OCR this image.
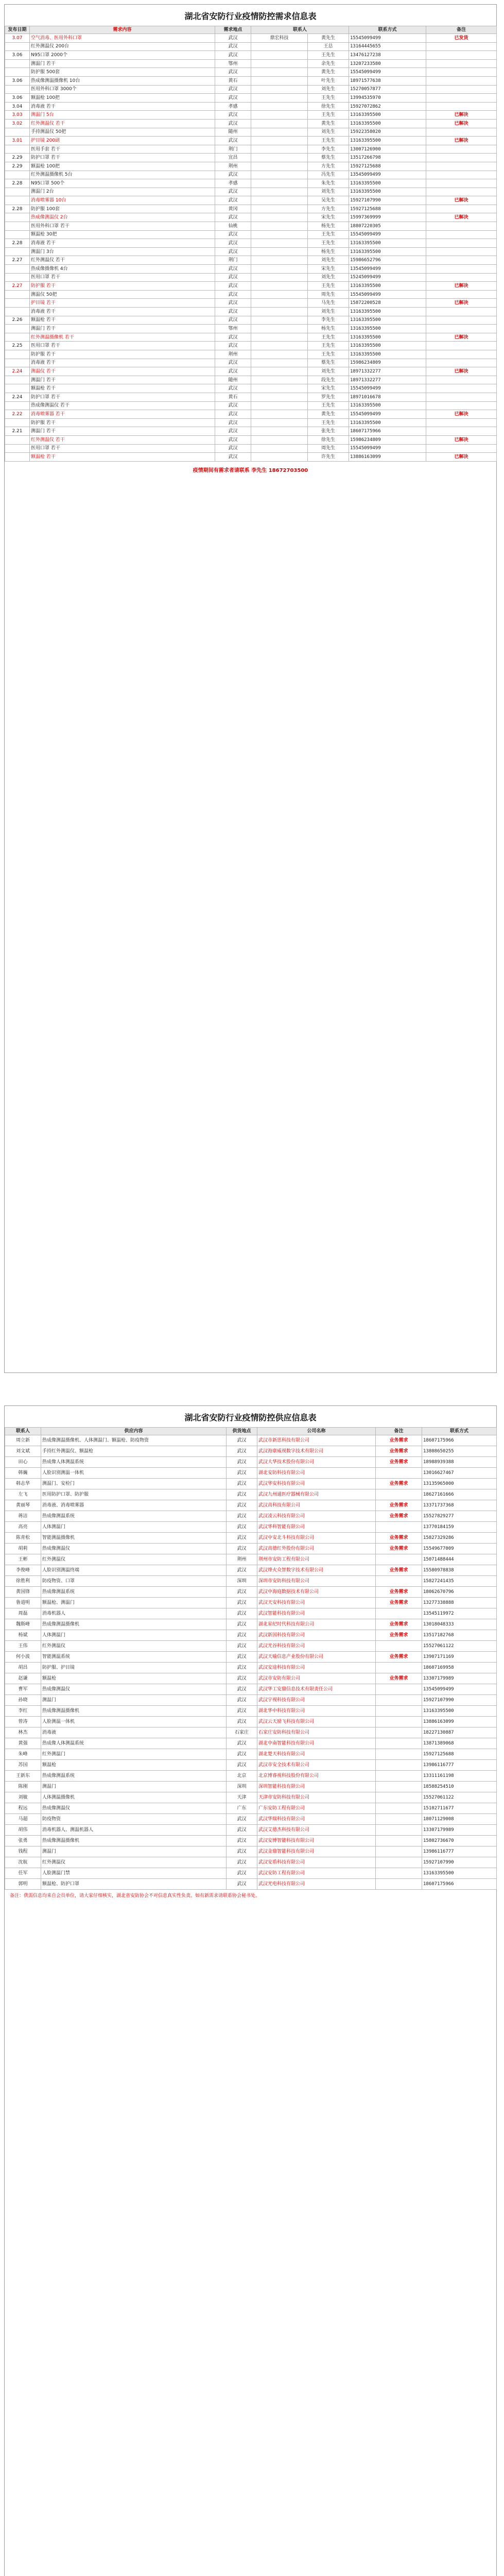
湖北省安防行业疫情防控需求信息表
发布日期	需求内容	需求地点	联系人		联系方式	备注
3.07	空气消毒、医用外科口罩	武汉	鼎宏科技	黄先生	15545099499	已发货
	红外测温仪 200台	武汉		王总	13164445655	
3.06	N95口罩 2000个	武汉		王先生	13476127238	
	测温门 若干	鄂州		余先生	13207233580	
	防护服 500套	武汉		黄先生	15545099499	
3.06	热成像测温摄像机 10台	黄石		叶先生	18971577638	
	医用外科口罩 3000个	武汉		刘先生	15270057877	
3.06	额温枪 100把	武汉		王先生	13994535970	
3.04	消毒液 若干	孝感		徐先生	15927072862	
3.03	测温门 5台	武汉		王先生	13163395500	已解决
3.02	红外测温仪 若干	武汉		黄先生	13163395500	已解决
	手持测温仪 50把	随州		刘先生	15922358020	
3.01	护目镜 200副	武汉		王先生	13163395500	已解决
	医用手套 若干	荆门		李先生	13007126900	
2.29	防护口罩 若干	宜昌		蔡先生	13517266798	
2.29	额温枪 100把	荆州		方先生	15927125688	
	红外测温摄像机 5台	武汉		冯先生	13545099499	
2.28	N95口罩 500个	孝感		朱先生	13163395500	
	测温门 2台	武汉		刘先生	13163395500	
	消毒喷雾器 10台	武汉		吴先生	15927107990	已解决
2.28	防护服 100套	黄冈		方先生	15927125688	
	热成像测温仪 2台	武汉		宋先生	15997369999	已解决
	医用外科口罩 若干	仙桃		杨先生	18807220305	
	额温枪 30把	武汉		王先生	15545099499	
2.28	消毒液 若干	武汉		王先生	13163395500	
	测温门 3台	武汉		杨先生	13163395500	
2.27	红外测温仪 若干	荆门		刘先生	15986652796	
	热成像摄像机 4台	武汉		宋先生	13545099499	
	医用口罩 若干	武汉		刘先生	15245099499	
2.27	防护服 若干	武汉		王先生	13163395500	已解决
	测温仪 50把	武汉		周先生	15545099499	
	护目镜 若干	武汉		马先生	15872200528	已解决
	消毒液 若干	武汉		刘先生	13163395500	
2.26	额温枪 若干	武汉		李先生	13163395500	
	测温门 若干	鄂州		杨先生	13163395500	
	红外测温摄像机 若干	武汉		王先生	13163395500	已解决
2.25	医用口罩 若干	武汉		王先生	13163395500	
	防护服 若干	荆州		王先生	13163395500	
	消毒液 若干	武汉		蔡先生	15986234809	
2.24	测温仪 若干	武汉		刘先生	18971332277	已解决
	测温门 若干	随州		段先生	18971332277	
	额温枪 若干	武汉		宋先生	15545099499	
2.24	防护口罩 若干	黄石		罗先生	18971016678	
	热成像测温仪 若干	武汉		王先生	13163395500	
2.22	消毒喷雾器 若干	武汉		黄先生	15545099499	已解决
	防护服 若干	武汉		王先生	13163395500	
2.21	测温门 若干	武汉		张先生	18607175966	
	红外测温仪 若干	武汉		徐先生	15986234809	已解决
	医用口罩 若干	武汉		周先生	15545099499	
	额温枪 若干	武汉		许先生	13886163099	已解决
疫情期间有需求者请联系 李先生 18672703500
湖北省安防行业疫情防控供应信息表
联系人	供应内容	供货地点	公司名称	备注	联系方式
周立新	热成像测温摄像机、人体测温门、额温枪、防疫物资	武汉	武汉市新思科技有限公司	业务需求	18607175966
刘文斌	手持红外测温仪、额温枪	武汉	武汉海康威视数字技术有限公司	业务需求	13808650255
田心	热成像人体测温系统	武汉	武汉大华技术股份有限公司	业务需求	18988939388
韩巍	人脸识别测温一体机	武汉	湖北安防科技有限公司		13016627467
韩志华	测温门、安检门	武汉	武汉华安科技有限公司	业务需求	13135965000
左飞	医用防护口罩、防护服	武汉	武汉九州通医疗器械有限公司		18627161666
黄丽琴	消毒液、消毒喷雾器	武汉	武汉高科技有限公司	业务需求	13371737368
蒋洁	热成像测温系统	武汉	武汉凌云科技有限公司	业务需求	15527829277
高亮	人体测温门	武汉	武汉华科智能有限公司		13770184159
陈青松	智能测温摄像机	武汉	武汉中安北斗科技有限公司	业务需求	15827329286
胡莉	热成像测温仪	武汉	武汉高德红外股份有限公司	业务需求	15549677009
王彬	红外测温仪	荆州	荆州市安防工程有限公司		15071488444
李俊峰	人脸识别测温终端	武汉	武汉烽火众智数字技术有限公司	业务需求	15580978838
徐胜利	防疫物资、口罩	深圳	深圳市安防科技有限公司		15827241435
黄国锋	热成像测温系统	武汉	武汉中海庭数据技术有限公司	业务需求	18062670796
鲁道明	额温枪、测温门	武汉	武汉天安科技有限公司	业务需求	13277338888
周磊	消毒机器人	武汉	武汉智能科技有限公司		13545119972
魏斯峰	热成像测温摄像机	武汉	湖北星纪时代科技有限公司	业务需求	13018048333
杨斌	人体测温门	武汉	武汉新国科技有限公司	业务需求	13517182768
王伟	红外测温仪	武汉	武汉光谷科技有限公司		15527061122
何小波	智能测温系统	武汉	武汉天喻信息产业股份有限公司	业务需求	13907171169
胡昌	防护服、护目镜	武汉	武汉安途科技有限公司		18607169958
赵谦	额温枪	武汉	武汉市安防有限公司	业务需求	13307179989
曹军	热成像测温仪	武汉	武汉华工安鼎信息技术有限责任公司		13545099499
孙晓	测温门	武汉	武汉宇视科技有限公司		15927107990
李红	热成像测温摄像机	武汉	湖北华中科技有限公司		13163395500
曾涛	人脸测温一体机	武汉	武汉云天励飞科技有限公司		13886163099
林杰	消毒液	石家庄	石家庄安防科技有限公司		18227130887
黄强	热成像人体测温系统	武汉	湖北中南智能科技有限公司		13871389068
朱峰	红外测温门	武汉	湖北楚天科技有限公司		15927125688
苏国	额温枪	武汉	武汉市安全技术有限公司		13986116777
王新东	热成像测温系统	北京	北京博睿视科技股份有限公司		13311161198
陈刚	测温门	深圳	深圳智能科技有限公司		18588254510
刘敏	人体测温摄像机	天津	天津市安防科技有限公司		15527061122
程远	热成像测温仪	广东	广东安防工程有限公司		15102711677
马超	防疫物资	武汉	武汉华瑞科技有限公司		18071129008
胡伟	消毒机器人、测温机器人	武汉	武汉艾德杰科技有限公司		13307179989
张勇	热成像测温摄像机	武汉	武汉安博智能科技有限公司		15802736670
钱程	测温门	武汉	武汉金鼎智能科技有限公司		13986116777
沈航	红外测温仪	武汉	武汉安盾科技有限公司		15927107990
任军	人脸测温门禁	武汉	武汉安防工程有限公司		13163395500
郭明	额温枪、防护口罩	武汉	武汉光电科技有限公司		18607175966
备注：供需信息均来自会员单位，请大家仔细核实，湖北省安防协会不对信息真实性负责。如有新需求请联系协会秘书处。
